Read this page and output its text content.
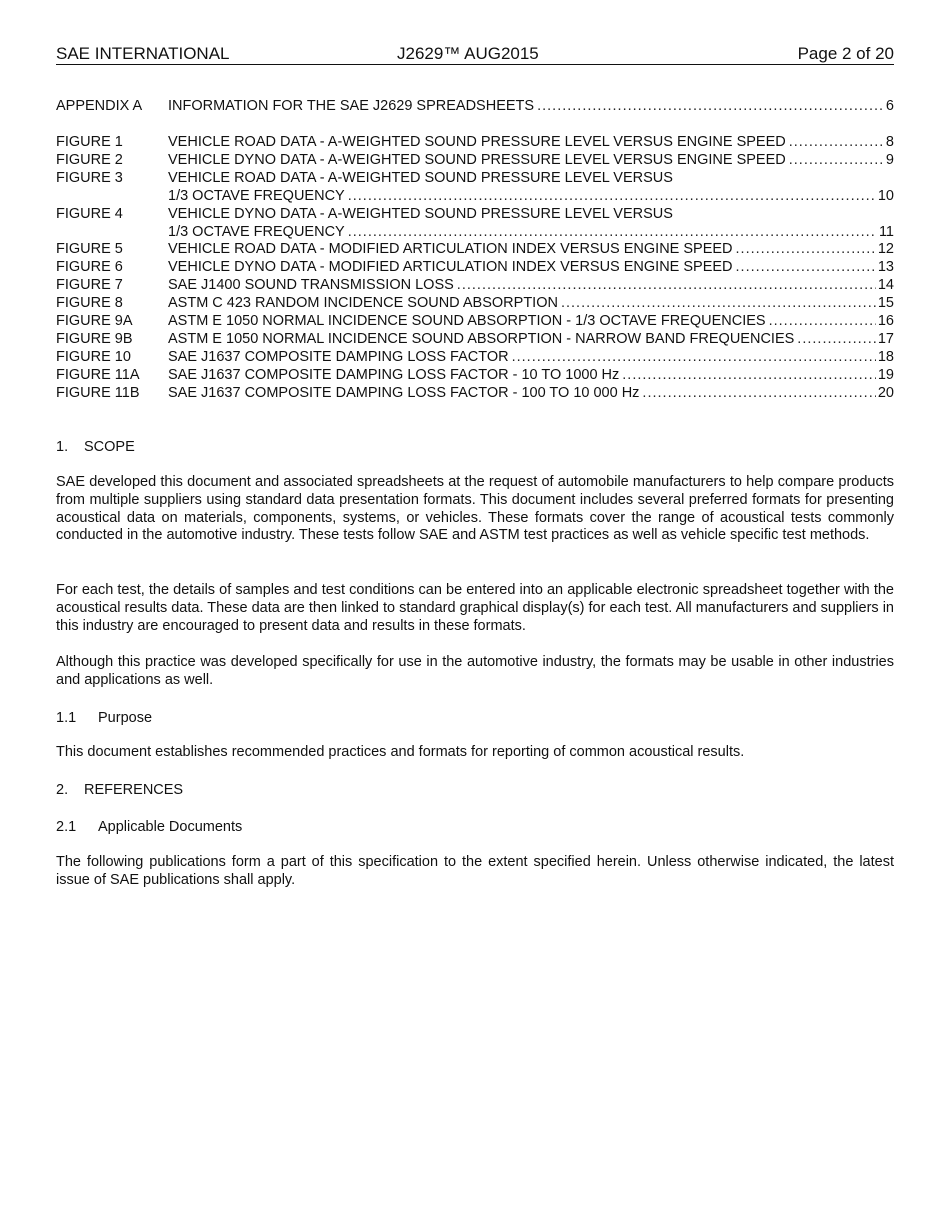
SAE INTERNATIONAL	J2629™ AUG2015	Page 2 of 20
APPENDIX A INFORMATION FOR THE SAE J2629 SPREADSHEETS .....	6
FIGURE 1	VEHICLE ROAD DATA - A-WEIGHTED SOUND PRESSURE LEVEL VERSUS ENGINE SPEED .....	8
FIGURE 2	VEHICLE DYNO DATA - A-WEIGHTED SOUND PRESSURE LEVEL VERSUS ENGINE SPEED .....	9
FIGURE 3	VEHICLE ROAD DATA - A-WEIGHTED SOUND PRESSURE LEVEL VERSUS
1/3 OCTAVE FREQUENCY .....	10
FIGURE 4	VEHICLE DYNO DATA - A-WEIGHTED SOUND PRESSURE LEVEL VERSUS
1/3 OCTAVE FREQUENCY .....	11
FIGURE 5	VEHICLE ROAD DATA - MODIFIED ARTICULATION INDEX VERSUS ENGINE SPEED .....	12
FIGURE 6	VEHICLE DYNO DATA - MODIFIED ARTICULATION INDEX VERSUS ENGINE SPEED .....	13
FIGURE 7	SAE J1400 SOUND TRANSMISSION LOSS .....	14
FIGURE 8	ASTM C 423 RANDOM INCIDENCE SOUND ABSORPTION .....	15
FIGURE 9A ASTM E 1050 NORMAL INCIDENCE SOUND ABSORPTION - 1/3 OCTAVE FREQUENCIES .....	16
FIGURE 9B ASTM E 1050 NORMAL INCIDENCE SOUND ABSORPTION - NARROW BAND FREQUENCIES .....	17
FIGURE 10	SAE J1637 COMPOSITE DAMPING LOSS FACTOR .....	18
FIGURE 11A SAE J1637 COMPOSITE DAMPING LOSS FACTOR - 10 TO 1000 Hz .....	19
FIGURE 11B SAE J1637 COMPOSITE DAMPING LOSS FACTOR - 100 TO 10 000 Hz .....	20
1. SCOPE

SAE developed this document and associated spreadsheets at the request of automobile manufacturers to help compare products from multiple suppliers using standard data presentation formats. This document includes several preferred formats for presenting acoustical data on materials, components, systems, or vehicles. These formats cover the range of acoustical tests commonly conducted in the automotive industry. These tests follow SAE and ASTM test practices as well as vehicle specific test methods.

For each test, the details of samples and test conditions can be entered into an applicable electronic spreadsheet together with the acoustical results data. These data are then linked to standard graphical display(s) for each test. All manufacturers and suppliers in this industry are encouraged to present data and results in these formats.

Although this practice was developed specifically for use in the automotive industry, the formats may be usable in other industries and applications as well.

1.1 Purpose

This document establishes recommended practices and formats for reporting of common acoustical results.

2. REFERENCES
2.1 Applicable Documents

The following publications form a part of this specification to the extent specified herein. Unless otherwise indicated, the latest issue of SAE publications shall apply.
